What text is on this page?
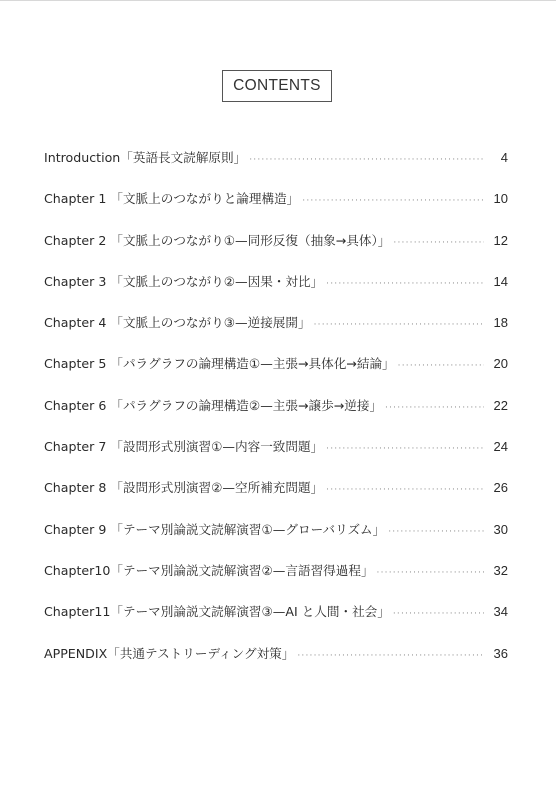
CONTENTS
Introduction「英語長文読解原則」 ·····	4
Chapter 1 「文脈上のつながりと論理構造」 ·····	10
Chapter 2 「文脈上のつながり①—同形反復（抽象→具体）」 ·····	12
Chapter 3 「文脈上のつながり②—因果・対比」 ·····	14
Chapter 4 「文脈上のつながり③—逆接展開」 ·····	18
Chapter 5 「パラグラフの論理構造①—主張→具体化→結論」 ·····	20
Chapter 6 「パラグラフの論理構造②—主張→譲歩→逆接」 ·····	22
Chapter 7 「設問形式別演習①—内容一致問題」 ·····	24
Chapter 8 「設問形式別演習②—空所補充問題」 ·····	26
Chapter 9 「テーマ別論説文読解演習①—グローバリズム」 ·····	30
Chapter10「テーマ別論説文読解演習②—言語習得過程」 ·····	32
Chapter11「テーマ別論説文読解演習③—AI と人間・社会」 ·····	34
APPENDIX「共通テストリーディング対策」 ·····	36
